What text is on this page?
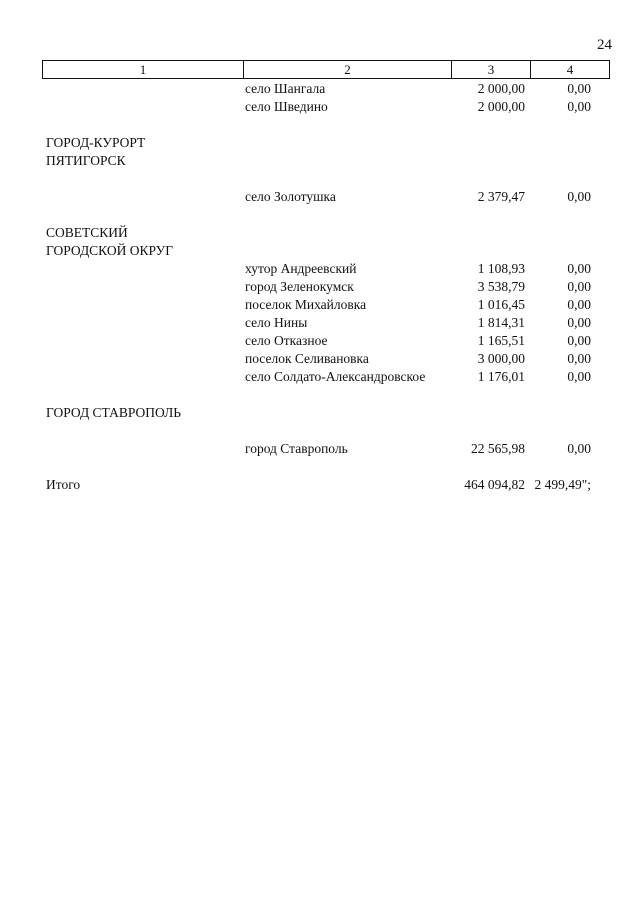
24
1	2	3	4
	село Шангала	2 000,00	0,00
	село Шведино	2 000,00	0,00

ГОРОД-КУРОРТ			
ПЯТИГОРСК			

	село Золотушка	2 379,47	0,00

СОВЕТСКИЙ			
ГОРОДСКОЙ ОКРУГ			
	хутор Андреевский	1 108,93	0,00
	город Зеленокумск	3 538,79	0,00
	поселок Михайловка	1 016,45	0,00
	село Нины	1 814,31	0,00
	село Отказное	1 165,51	0,00
	поселок Селивановка	3 000,00	0,00
	село Солдато-Александровское	1 176,01	0,00

ГОРОД СТАВРОПОЛЬ			

	город Ставрополь	22 565,98	0,00

Итого		464 094,82	2 499,49";
